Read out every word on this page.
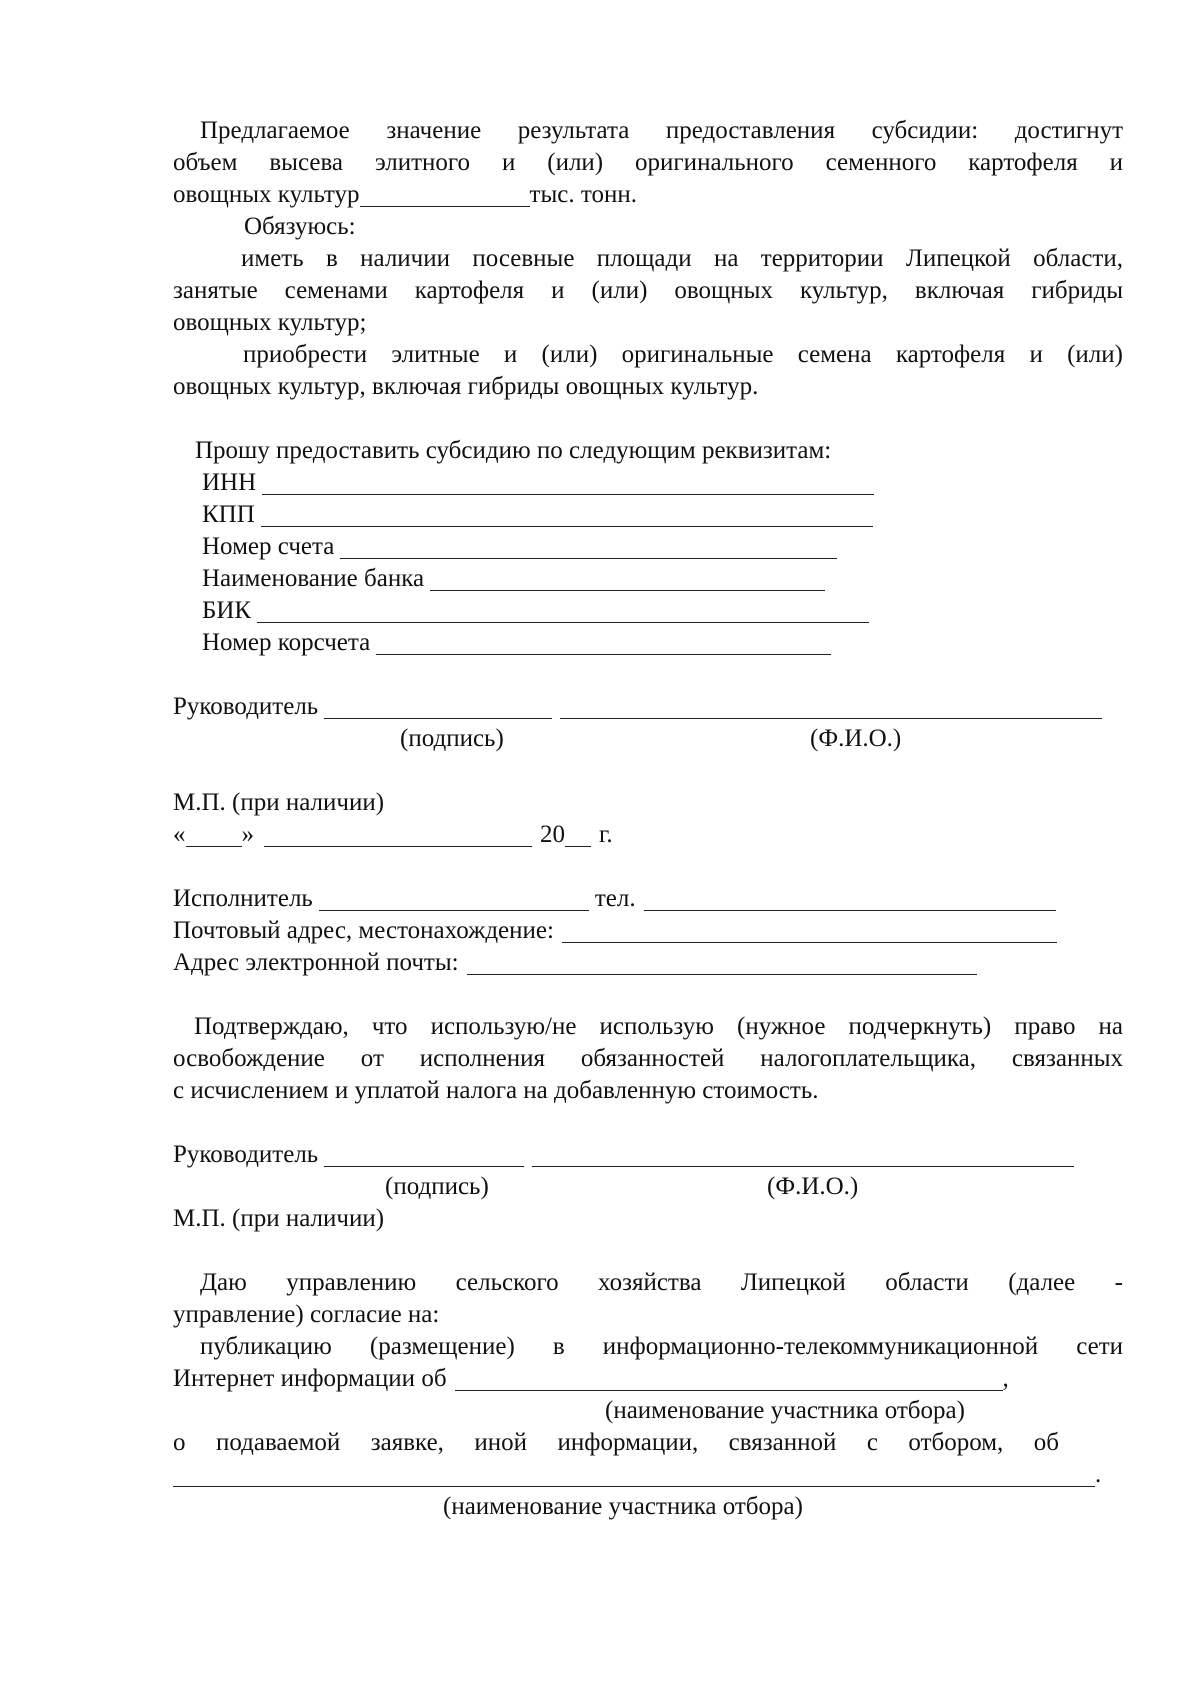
Предлагаемое значение результата предоставления субсидии: достигнут

объем высева элитного и (или) оригинального семенного картофеля и

овощных культур	тыс. тонн.

Обязуюсь:

иметь в наличии посевные площади на территории Липецкой области,

занятые семенами картофеля и (или) овощных культур, включая гибриды

овощных культур;

приобрести элитные и (или) оригинальные семена картофеля и (или)

овощных культур, включая гибриды овощных культур.

Прошу предоставить субсидию по следующим реквизитам:

ИНН
КПП
Номер счета
Наименование банка
БИК
Номер корсчета
Руководитель
(подпись)	(Ф.И.О.)

М.П. (при наличии)

« »	20 г.
Исполнитель	тел.
Почтовый адрес, местонахождение:
Адрес электронной почты:

Подтверждаю, что использую/не использую (нужное подчеркнуть) право на

освобождение от исполнения обязанностей налогоплательщика, связанных

с исчислением и уплатой налога на добавленную стоимость.

Руководитель
(подпись)	(Ф.И.О.)

М.П. (при наличии)

Даю управлению сельского хозяйства Липецкой области (далее -

управление) согласие на:

публикацию (размещение) в информационно-телекоммуникационной сети

Интернет информации об	,
(наименование участника отбора)

о подаваемой заявке, иной информации, связанной с отбором, об

.
(наименование участника отбора)
